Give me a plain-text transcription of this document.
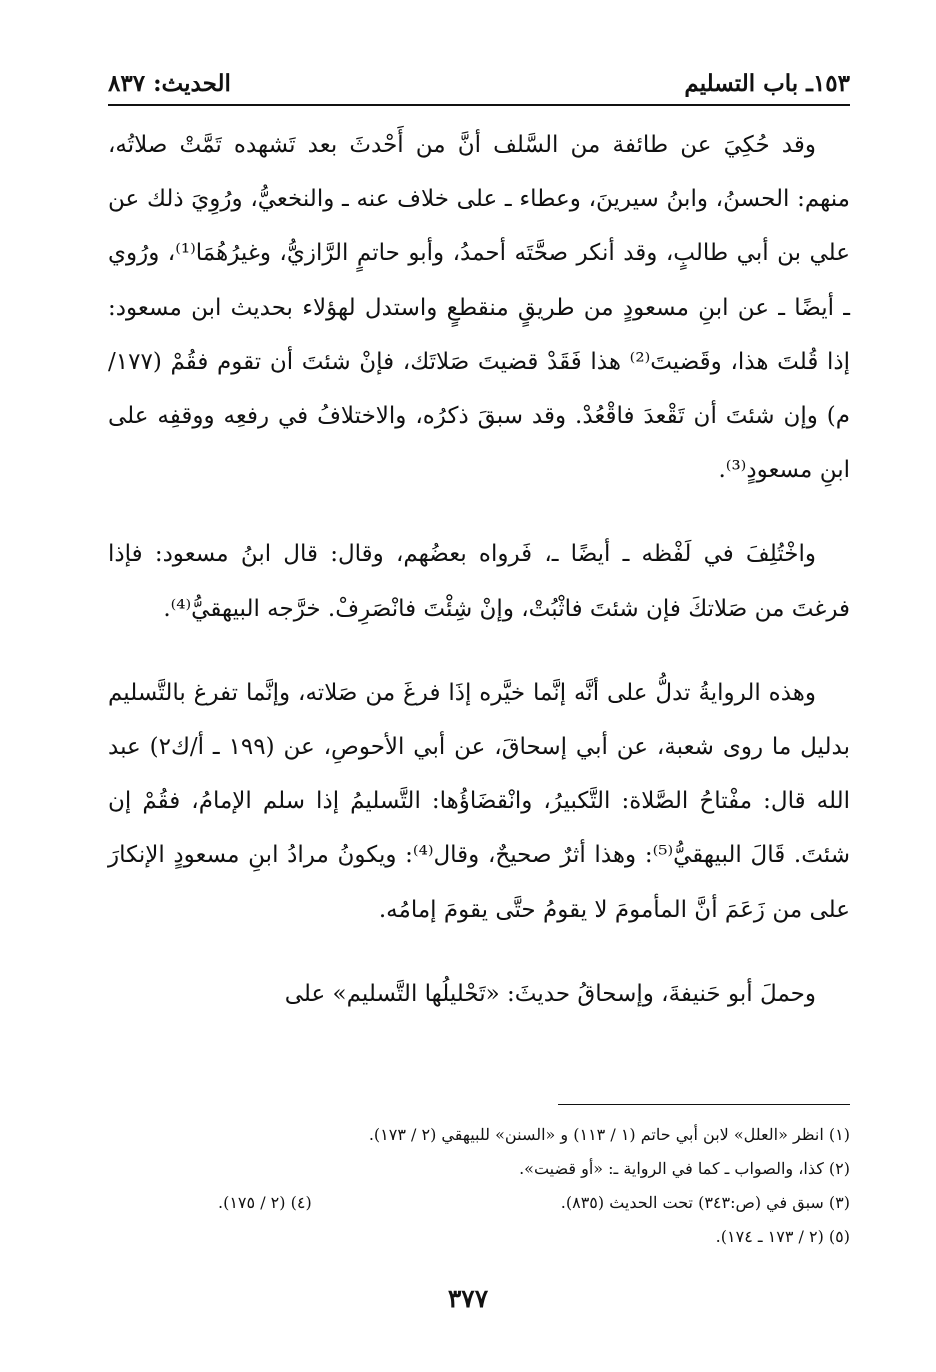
١٥٣ـ باب التسليم
الحديث: ٨٣٧

وقد حُكِيَ عن طائفة من السَّلف أنَّ من أَحْدثَ بعد تَشهده تَمَّتْ صلاتُه، منهم: الحسنُ، وابنُ سيرينَ، وعطاء ـ على خلاف عنه ـ والنخعيُّ، ورُوِيَ ذلك عن علي بن أبي طالبٍ، وقد أنكر صحَّتَه أحمدُ، وأبو حاتمٍ الرَّازيُّ، وغيرُهُمَا⁽¹⁾، ورُوي ـ أيضًا ـ عن ابنِ مسعودٍ من طريقٍ منقطعٍ واستدل لهؤلاء بحديث ابن مسعود: إذا قُلتَ هذا، وقَضيتَ⁽²⁾ هذا فَقَدْ قضيتَ صَلاتَك، فإنْ شئتَ أن تقوم فقُمْ (١٧٧/ م) وإن شئتَ أن تَقْعدَ فاقْعُدْ. وقد سبقَ ذكرُه، والاختلافُ في رفعِه ووقفِه على ابنِ مسعودٍ⁽³⁾.

واخْتُلِفَ في لَفْظه ـ أيضًا ـ، فَرواه بعضُهم، وقال: قال ابنُ مسعود: فإذا فرغتَ من صَلاتكَ فإن شئتَ فاثْبُتْ، وإنْ شِئْتَ فانْصَرِفْ. خرَّجه البيهقيُّ⁽⁴⁾.

وهذه الروايةُ تدلُّ على أنَّه إنَّما خيَّره إذَا فرغَ من صَلاته، وإنَّما تفرغ بالتَّسليم بدليل ما روى شعبة، عن أبي إسحاقَ، عن أبي الأحوصِ، عن (١٩٩ ـ أ/ك٢) عبد الله قال: مفْتاحُ الصَّلاة: التَّكبيرُ، وانْقضَاؤُها: التَّسليمُ إذا سلم الإمامُ، فقُمْ إن شئتَ. قَالَ البيهقيُّ⁽⁵⁾: وهذا أثرٌ صحيحٌ، وقال⁽⁴⁾: ويكونُ مرادُ ابنِ مسعودٍ الإنكارَ على من زَعَمَ أنَّ المأمومَ لا يقومُ حتَّى يقومَ إمامُه.

وحملَ أبو حَنيفةَ، وإسحاقُ حديثَ: «تَحْليلُها التَّسليم» على

(١) انظر «العلل» لابن أبي حاتم (١ / ١١٣) و «السنن» للبيهقي (٢ / ١٧٣).

(٢) كذا، والصواب ـ كما في الرواية ـ: «أو قضيت».

(٣) سبق في (ص:٣٤٣) تحت الحديث (٨٣٥).
(٤) (٢ / ١٧٥).

(٥) (٢ / ١٧٣ ـ ١٧٤).

٣٧٧
